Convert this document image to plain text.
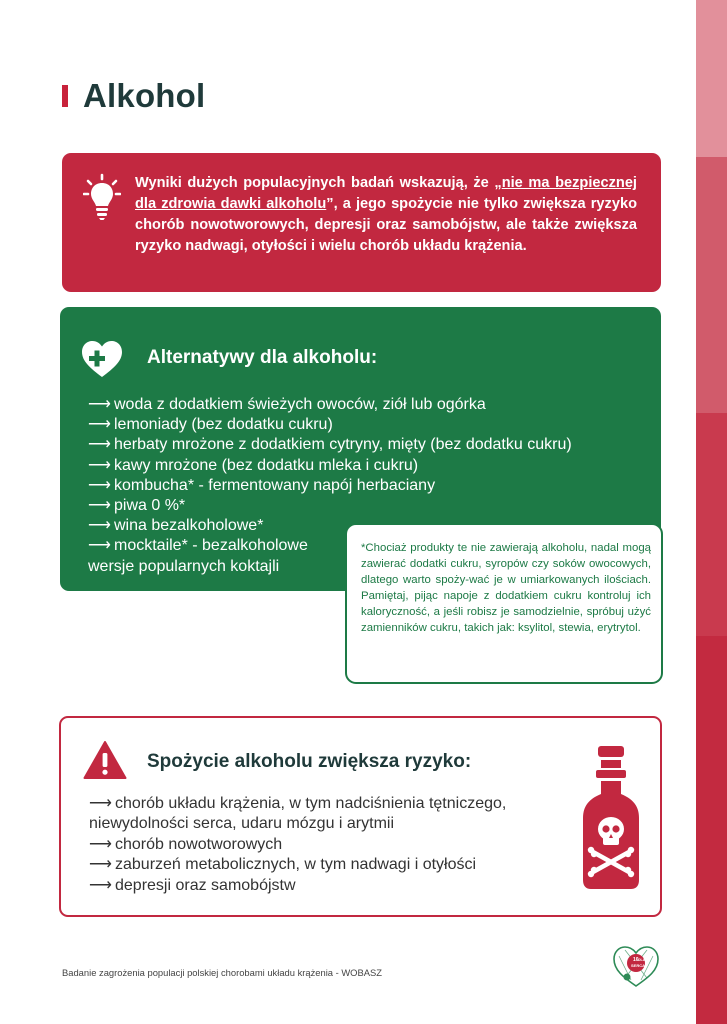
Alkohol

Wyniki dużych populacyjnych badań wskazują, że „nie ma bezpiecznej dla zdrowia dawki alkoholu”, a jego spożycie nie tylko zwiększa ryzyko chorób nowotworowych, depresji oraz samobójstw, ale także zwiększa ryzyko nadwagi, otyłości i wielu chorób układu krążenia.

Alternatywy dla alkoholu:
⟶ woda z dodatkiem świeżych owoców, ziół lub ogórka
⟶ lemoniady (bez dodatku cukru)
⟶ herbaty mrożone z dodatkiem cytryny, mięty (bez dodatku cukru)
⟶ kawy mrożone (bez dodatku mleka i cukru)
⟶ kombucha* - fermentowany napój herbaciany
⟶ piwa 0 %*
⟶ wina bezalkoholowe*
⟶ mocktaile* - bezalkoholowe
wersje popularnych koktajli

*Chociaż produkty te nie zawierają alkoholu, nadal mogą zawierać dodatki cukru, syropów czy soków owocowych, dlatego warto spoży-wać je w umiarkowanych ilościach. Pamiętaj, pijąc napoje z dodatkiem cukru kontroluj ich kaloryczność, a jeśli robisz je samodzielnie, spróbuj użyć zamienników cukru, takich jak: ksylitol, stewia, erytrytol.

Spożycie alkoholu zwiększa ryzyko:
⟶ chorób układu krążenia, w tym nadciśnienia tętniczego,
niewydolności serca, udaru mózgu i arytmii
⟶ chorób nowotworowych
⟶ zaburzeń metabolicznych, w tym nadwagi i otyłości
⟶ depresji oraz samobójstw
Badanie zagrożenia populacji polskiej chorobami układu krążenia - WOBASZ
16 DLA
SERCA
